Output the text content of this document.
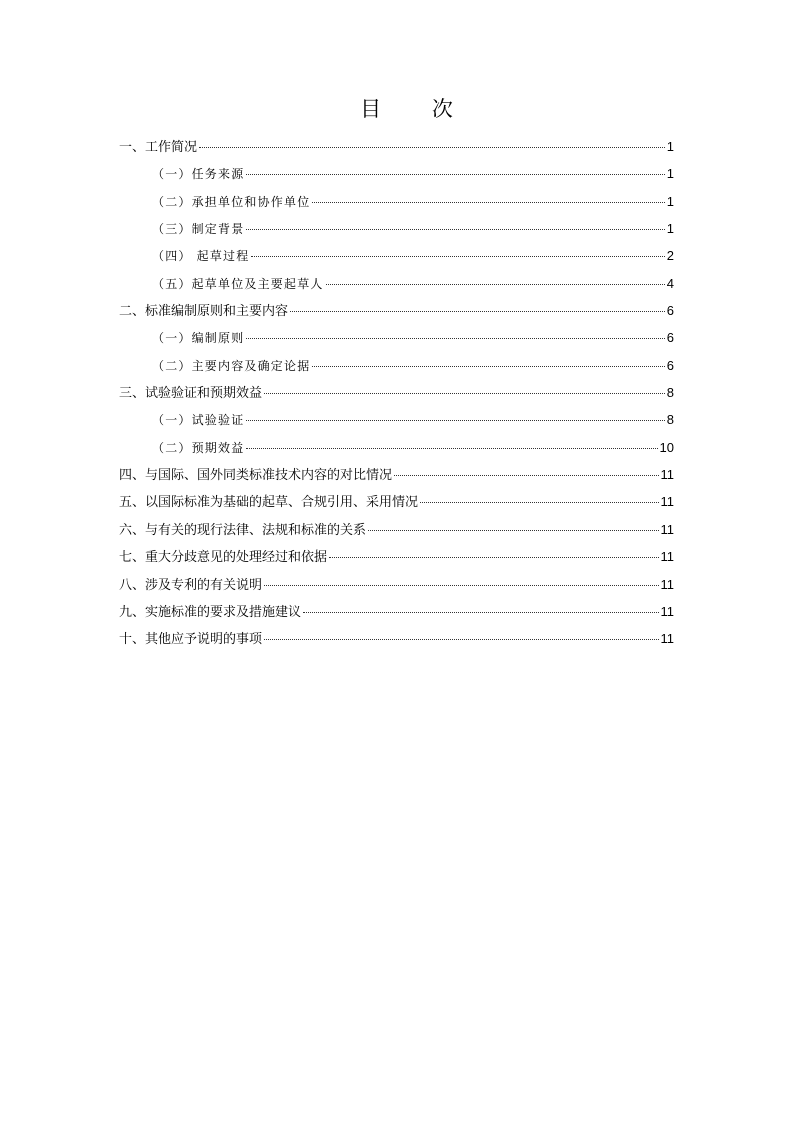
目 次
一、工作简况	1
（一）任务来源	1
（二）承担单位和协作单位	1
（三）制定背景	1
（四） 起草过程	2
（五）起草单位及主要起草人	4
二、标准编制原则和主要内容	6
（一）编制原则	6
（二）主要内容及确定论据	6
三、试验验证和预期效益	8
（一）试验验证	8
（二）预期效益	10
四、与国际、国外同类标准技术内容的对比情况	11
五、以国际标准为基础的起草、合规引用、采用情况	11
六、与有关的现行法律、法规和标准的关系	11
七、重大分歧意见的处理经过和依据	11
八、涉及专利的有关说明	11
九、实施标准的要求及措施建议	11
十、其他应予说明的事项	11
